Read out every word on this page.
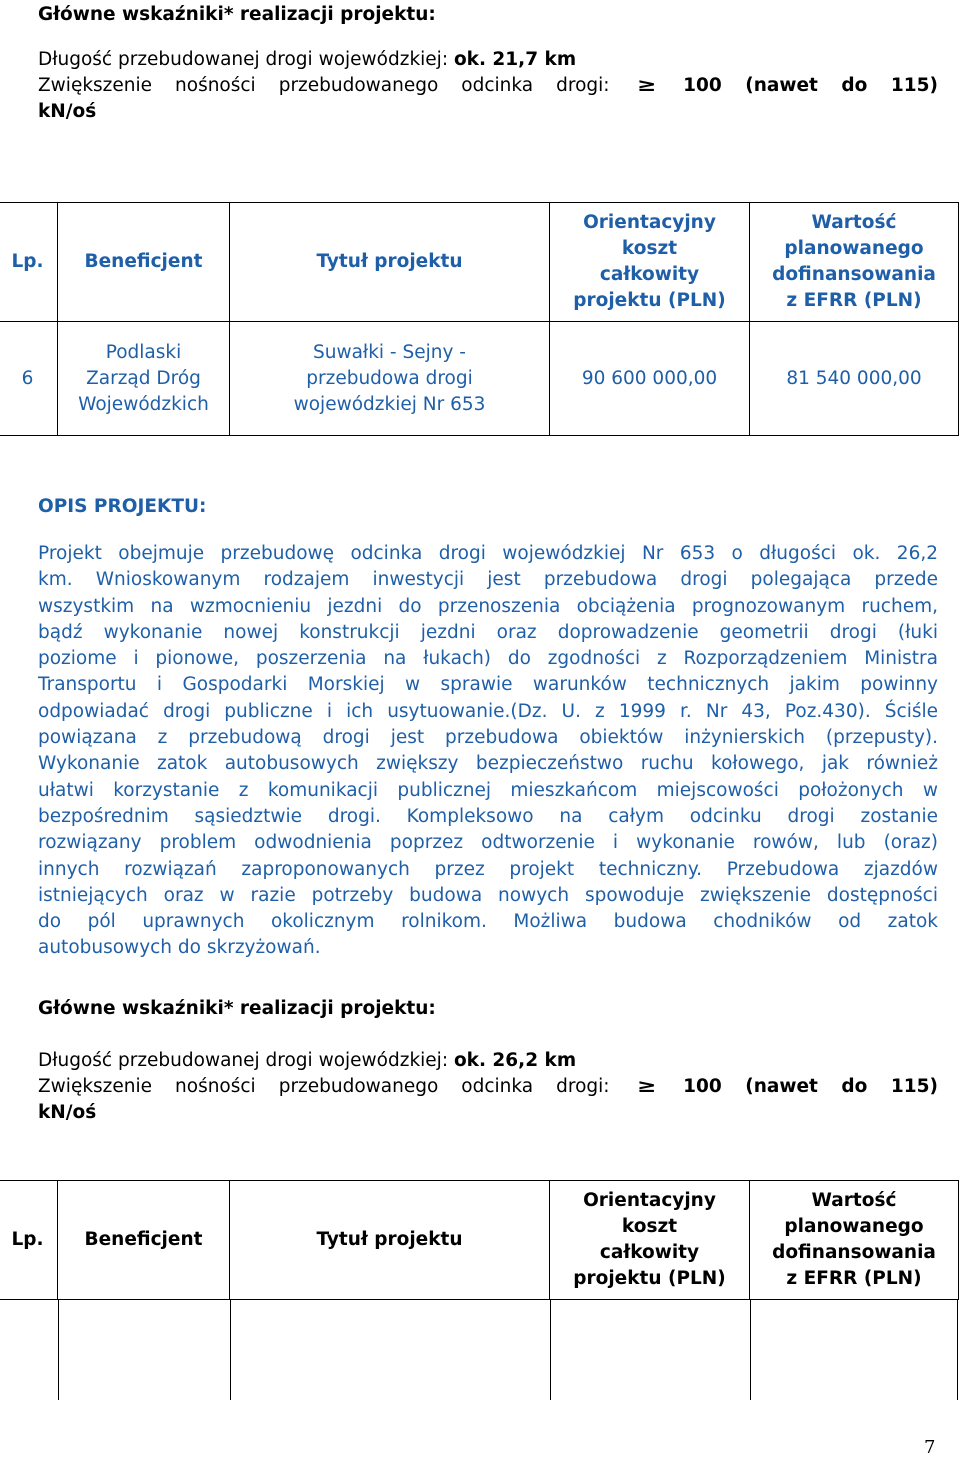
Główne wskaźniki* realizacji projektu:
Długość przebudowanej drogi wojewódzkiej: ok. 21,7 km
Zwiększenie nośności przebudowanego odcinka drogi: ≥ 100 (nawet do 115)
kN/oś
Lp.	Beneficjent	Tytuł projektu	Orientacyjny
koszt
całkowity
projektu (PLN)	Wartość
planowanego
dofinansowania
z EFRR (PLN)
6	Podlaski
Zarząd Dróg
Wojewódzkich	Suwałki - Sejny -
przebudowa drogi
wojewódzkiej Nr 653	90 600 000,00	81 540 000,00
OPIS PROJEKTU:
Projekt obejmuje przebudowę odcinka drogi wojewódzkiej Nr 653 o długości ok. 26,2
km. Wnioskowanym rodzajem inwestycji jest przebudowa drogi polegająca przede
wszystkim na wzmocnieniu jezdni do przenoszenia obciążenia prognozowanym ruchem,
bądź wykonanie nowej konstrukcji jezdni oraz doprowadzenie geometrii drogi (łuki
poziome i pionowe, poszerzenia na łukach) do zgodności z Rozporządzeniem Ministra
Transportu i Gospodarki Morskiej w sprawie warunków technicznych jakim powinny
odpowiadać drogi publiczne i ich usytuowanie.(Dz. U. z 1999 r. Nr 43, Poz.430). Ściśle
powiązana z przebudową drogi jest przebudowa obiektów inżynierskich (przepusty).
Wykonanie zatok autobusowych zwiększy bezpieczeństwo ruchu kołowego, jak również
ułatwi korzystanie z komunikacji publicznej mieszkańcom miejscowości położonych w
bezpośrednim sąsiedztwie drogi. Kompleksowo na całym odcinku drogi zostanie
rozwiązany problem odwodnienia poprzez odtworzenie i wykonanie rowów, lub (oraz)
innych rozwiązań zaproponowanych przez projekt techniczny. Przebudowa zjazdów
istniejących oraz w razie potrzeby budowa nowych spowoduje zwiększenie dostępności
do pól uprawnych okolicznym rolnikom. Możliwa budowa chodników od zatok
autobusowych do skrzyżowań.
Główne wskaźniki* realizacji projektu:
Długość przebudowanej drogi wojewódzkiej: ok. 26,2 km
Zwiększenie nośności przebudowanego odcinka drogi: ≥ 100 (nawet do 115)
kN/oś
Lp.	Beneficjent	Tytuł projektu	Orientacyjny
koszt
całkowity
projektu (PLN)	Wartość
planowanego
dofinansowania
z EFRR (PLN)
7
